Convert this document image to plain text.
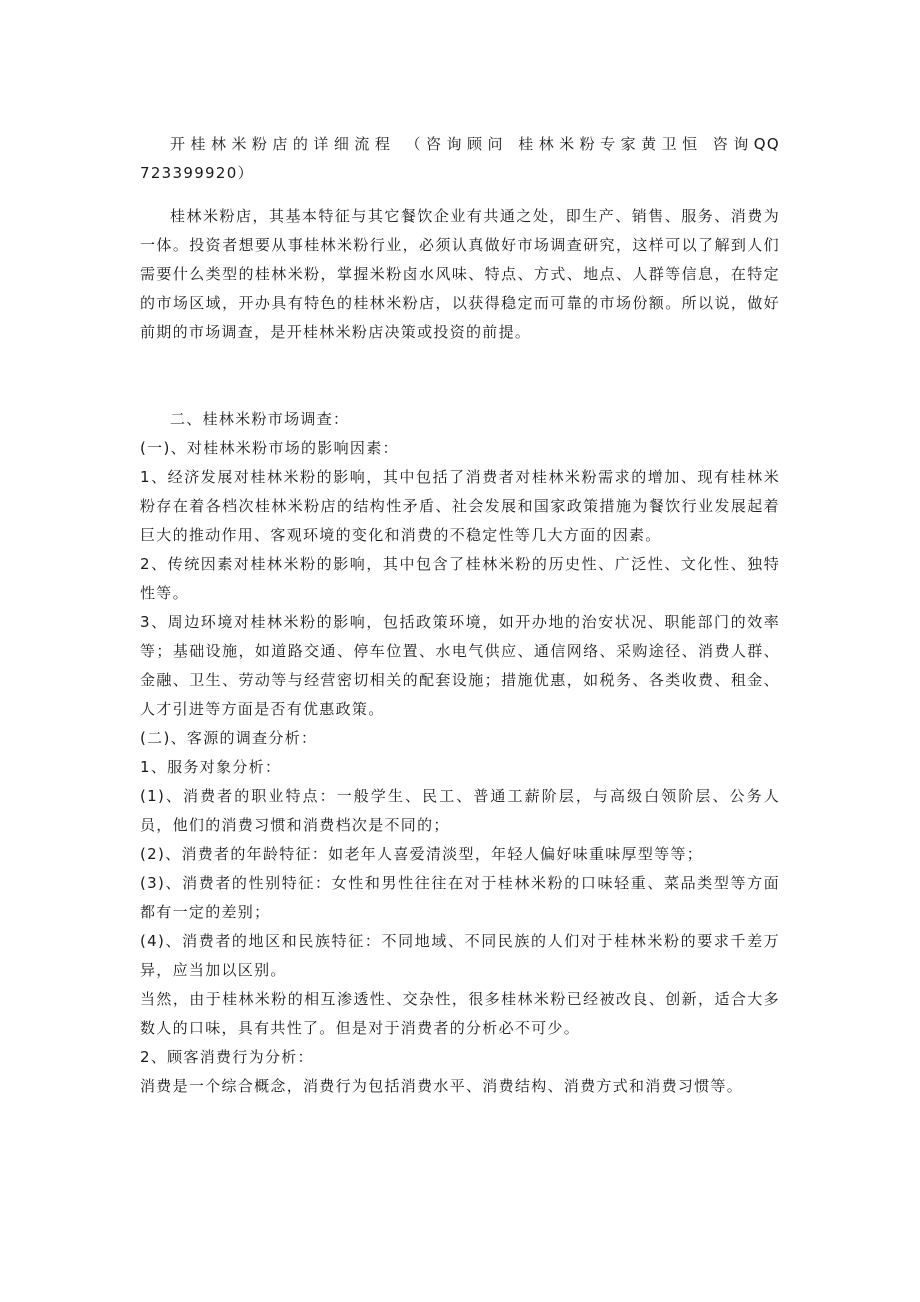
开桂林米粉店的详细流程 （咨询顾问 桂林米粉专家黄卫恒 咨询QQ

723399920）

桂林米粉店，其基本特征与其它餐饮企业有共通之处，即生产、销售、服务、消费为一体。投资者想要从事桂林米粉行业，必须认真做好市场调查研究，这样可以了解到人们需要什么类型的桂林米粉，掌握米粉卤水风味、特点、方式、地点、人群等信息，在特定的市场区域，开办具有特色的桂林米粉店，以获得稳定而可靠的市场份额。所以说，做好前期的市场调查，是开桂林米粉店决策或投资的前提。

二、桂林米粉市场调查：

(一)、对桂林米粉市场的影响因素：

1、经济发展对桂林米粉的影响，其中包括了消费者对桂林米粉需求的增加、现有桂林米粉存在着各档次桂林米粉店的结构性矛盾、社会发展和国家政策措施为餐饮行业发展起着巨大的推动作用、客观环境的变化和消费的不稳定性等几大方面的因素。

2、传统因素对桂林米粉的影响，其中包含了桂林米粉的历史性、广泛性、文化性、独特性等。

3、周边环境对桂林米粉的影响，包括政策环境，如开办地的治安状况、职能部门的效率等；基础设施，如道路交通、停车位置、水电气供应、通信网络、采购途径、消费人群、金融、卫生、劳动等与经营密切相关的配套设施；措施优惠，如税务、各类收费、租金、人才引进等方面是否有优惠政策。

(二)、客源的调查分析：

1、服务对象分析：

(1)、消费者的职业特点：一般学生、民工、普通工薪阶层，与高级白领阶层、公务人员，他们的消费习惯和消费档次是不同的；

(2)、消费者的年龄特征：如老年人喜爱清淡型，年轻人偏好味重味厚型等等；

(3)、消费者的性别特征：女性和男性往往在对于桂林米粉的口味轻重、菜品类型等方面都有一定的差别；

(4)、消费者的地区和民族特征：不同地域、不同民族的人们对于桂林米粉的要求千差万异，应当加以区别。

当然，由于桂林米粉的相互渗透性、交杂性，很多桂林米粉已经被改良、创新，适合大多数人的口味，具有共性了。但是对于消费者的分析必不可少。

2、顾客消费行为分析：

消费是一个综合概念，消费行为包括消费水平、消费结构、消费方式和消费习惯等。
